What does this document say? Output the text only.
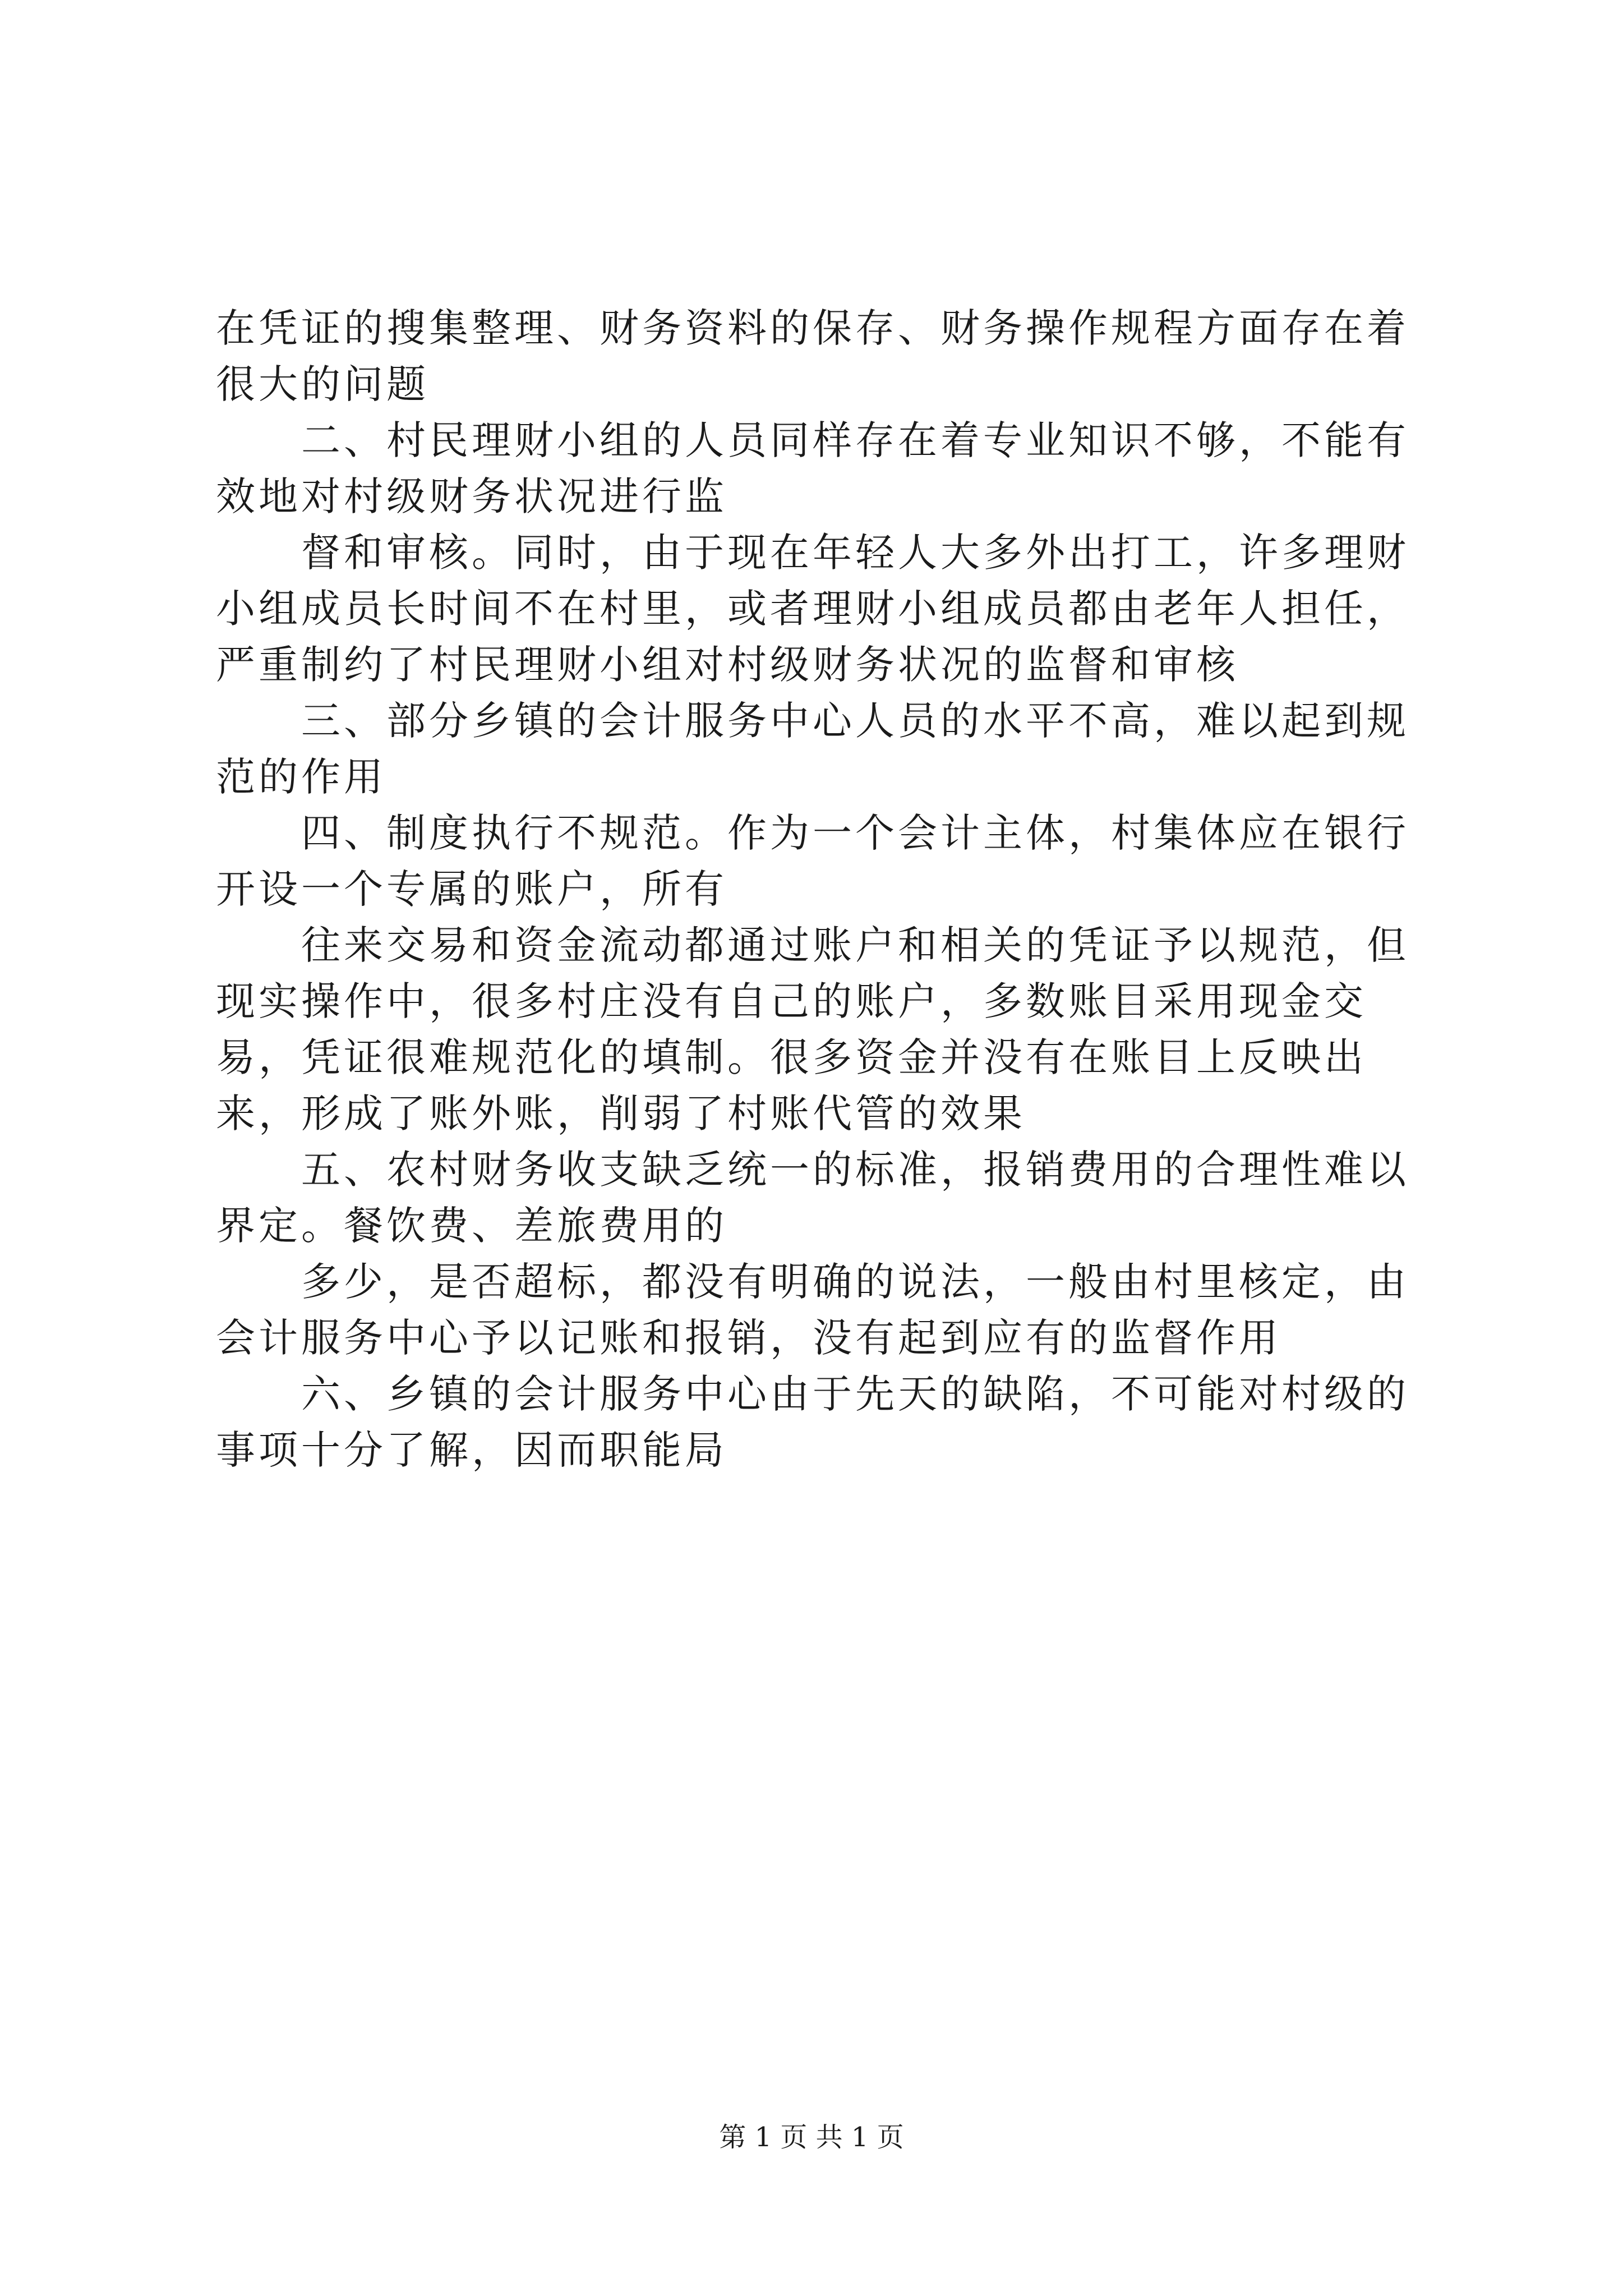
在凭证的搜集整理、财务资料的保存、财务操作规程方面存在着很大的问题

二、村民理财小组的人员同样存在着专业知识不够，不能有效地对村级财务状况进行监

督和审核。同时，由于现在年轻人大多外出打工，许多理财小组成员长时间不在村里，或者理财小组成员都由老年人担任，严重制约了村民理财小组对村级财务状况的监督和审核

三、部分乡镇的会计服务中心人员的水平不高，难以起到规范的作用

四、制度执行不规范。作为一个会计主体，村集体应在银行开设一个专属的账户，所有

往来交易和资金流动都通过账户和相关的凭证予以规范，但现实操作中，很多村庄没有自己的账户，多数账目采用现金交易，凭证很难规范化的填制。很多资金并没有在账目上反映出来，形成了账外账，削弱了村账代管的效果

五、农村财务收支缺乏统一的标准，报销费用的合理性难以界定。餐饮费、差旅费用的

多少，是否超标，都没有明确的说法，一般由村里核定，由会计服务中心予以记账和报销，没有起到应有的监督作用

六、乡镇的会计服务中心由于先天的缺陷，不可能对村级的事项十分了解，因而职能局

第 1 页 共 1 页
